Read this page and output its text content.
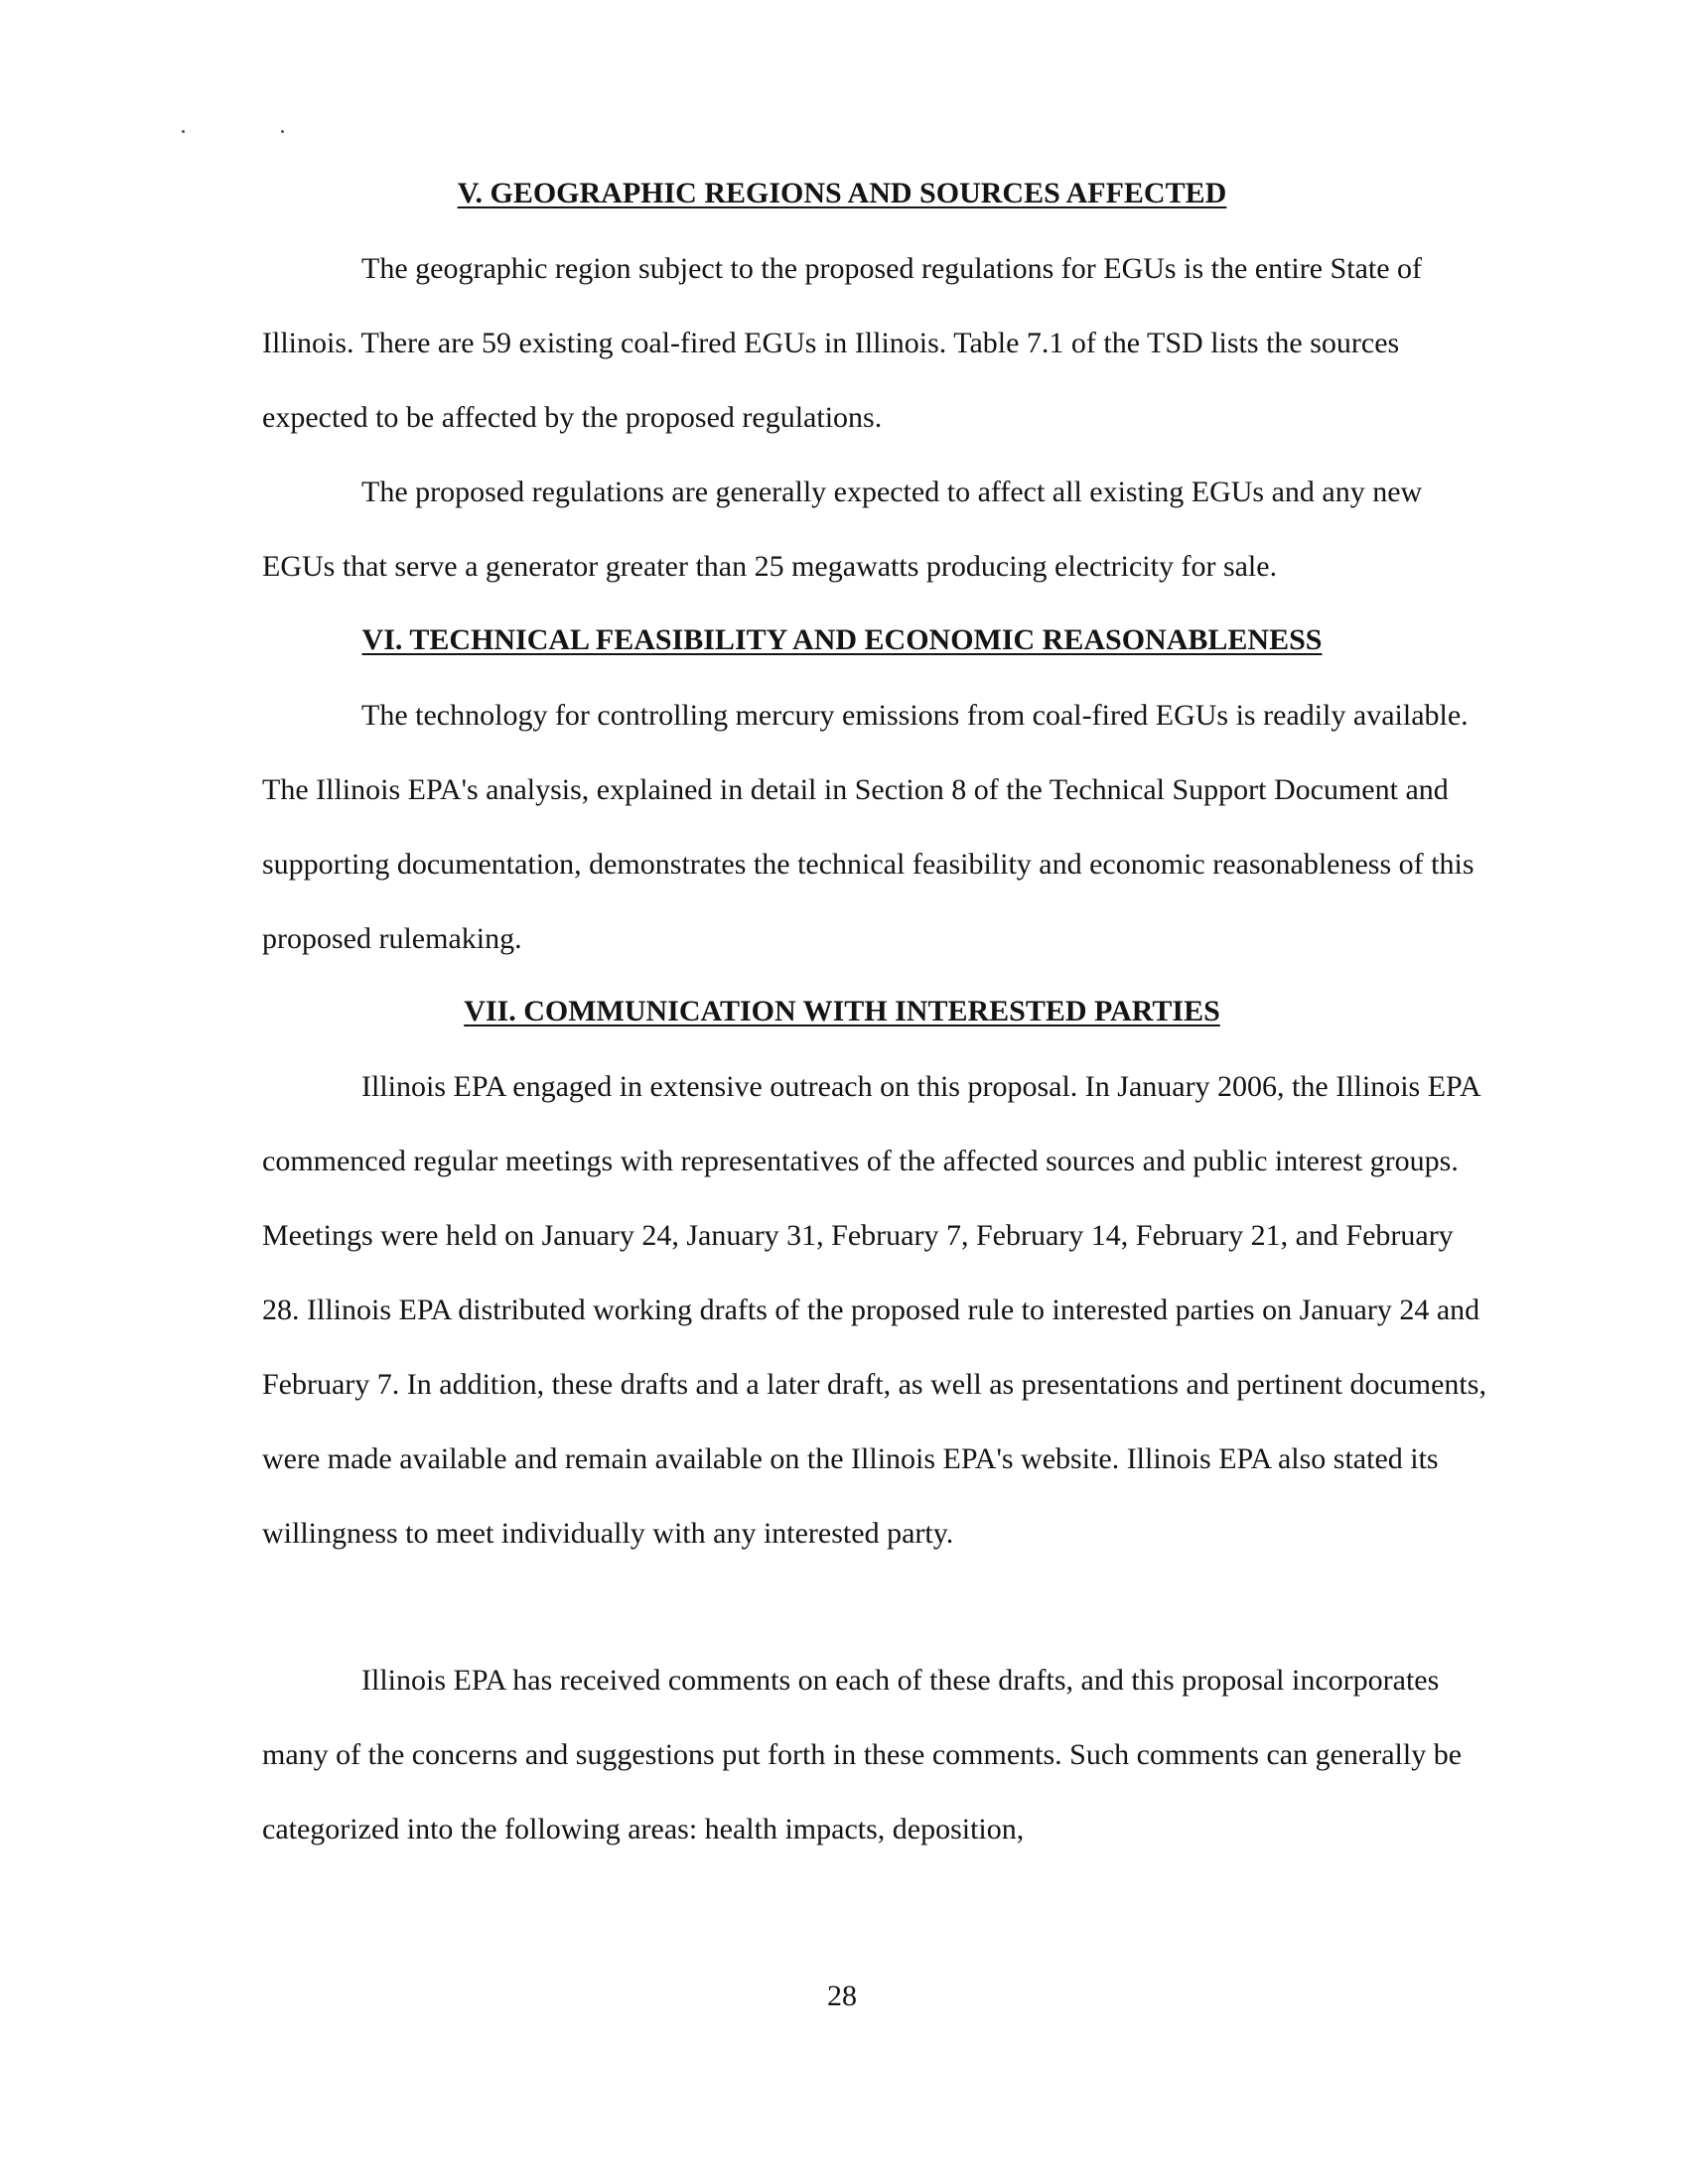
V. GEOGRAPHIC REGIONS AND SOURCES AFFECTED

The geographic region subject to the proposed regulations for EGUs is the entire State of Illinois. There are 59 existing coal-fired EGUs in Illinois. Table 7.1 of the TSD lists the sources expected to be affected by the proposed regulations.

The proposed regulations are generally expected to affect all existing EGUs and any new EGUs that serve a generator greater than 25 megawatts producing electricity for sale.

VI. TECHNICAL FEASIBILITY AND ECONOMIC REASONABLENESS

The technology for controlling mercury emissions from coal-fired EGUs is readily available. The Illinois EPA's analysis, explained in detail in Section 8 of the Technical Support Document and supporting documentation, demonstrates the technical feasibility and economic reasonableness of this proposed rulemaking.

VII. COMMUNICATION WITH INTERESTED PARTIES

Illinois EPA engaged in extensive outreach on this proposal. In January 2006, the Illinois EPA commenced regular meetings with representatives of the affected sources and public interest groups. Meetings were held on January 24, January 31, February 7, February 14, February 21, and February 28. Illinois EPA distributed working drafts of the proposed rule to interested parties on January 24 and February 7. In addition, these drafts and a later draft, as well as presentations and pertinent documents, were made available and remain available on the Illinois EPA's website. Illinois EPA also stated its willingness to meet individually with any interested party.

Illinois EPA has received comments on each of these drafts, and this proposal incorporates many of the concerns and suggestions put forth in these comments. Such comments can generally be categorized into the following areas: health impacts, deposition,

28
